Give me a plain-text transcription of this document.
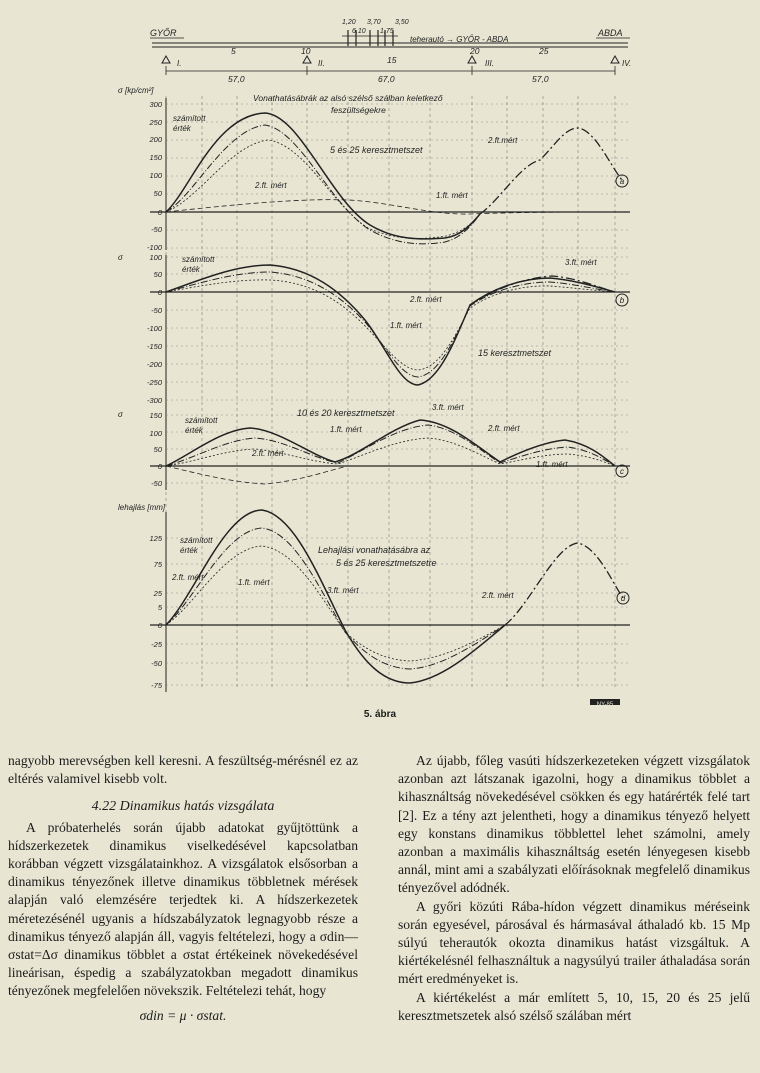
GYŐR	ABDA
teherautó → GYŐR - ABDA
1,20
6,10
3,70
1,75
3,50
5	10
15
20	25
I.	II.	III.	IV.
57,0	67,0	57,0
σ [kp/cm²]
300
250
200
150
100
50
0
-50
-100
Vonathatásábrák az alsó szélső szálban keletkező
feszültségekre
5 és 25 keresztmetszet
számított
érték
2.ft.mért
2.ft. mért
1.ft. mért
a
σ	100
50
0
-50
-100
-150
-200
-250
-300
15 keresztmetszet
számított
érték
3.ft. mért
2.ft. mért
1.ft. mért
b
σ	150
100
50
0
-50
10 és 20 keresztmetszet
számított
érték
3.ft. mért
1.ft. mért	2.ft. mért
2.ft. mért
1.ft. mért
c
lehajlás [mm]
125
75
25
5
0
-25
-50
-75
Lehajlási vonathatásábra az
5 és 25 keresztmetszetre
számított
érték
2.ft. mért
1.ft. mért
3.ft. mért
2.ft. mért	d
NY-85
5. ábra

nagyobb merevségben kell keresni. A feszültség-mérésnél ez az eltérés valamivel kisebb volt.

4.22 Dinamikus hatás vizsgálata

A próbaterhelés során újabb adatokat gyűjtöttünk a hídszerkezetek dinamikus viselkedésével kapcsolatban korábban végzett vizsgálatainkhoz. A vizsgálatok elsősorban a dinamikus tényezőnek illetve dinamikus többletnek mérések alapján való elemzésére terjedtek ki. A hídszerkezetek méretezésénél ugyanis a hídszabályzatok legnagyobb része a dinamikus tényező alapján áll, vagyis feltételezi, hogy a σdin—σstat=Δσ dinamikus többlet a σstat értékeinek növekedésével lineárisan, éspedig a szabályzatokban megadott dinamikus tényezőnek megfelelően növekszik. Feltételezi tehát, hogy

σdin = μ · σstat.

Az újabb, főleg vasúti hídszerkezeteken végzett vizsgálatok azonban azt látszanak igazolni, hogy a dinamikus többlet a kihasználtság növekedésével csökken és egy határérték felé tart [2]. Ez a tény azt jelentheti, hogy a dinamikus tényező helyett egy konstans dinamikus többlettel lehet számolni, amely azonban a maximális kihasználtság esetén lényegesen kisebb annál, mint ami a szabályzati előírásoknak megfelelő dinamikus tényezővel adódnék.

A győri közúti Rába-hídon végzett dinamikus méréseink során egyesével, párosával és hármasával áthaladó kb. 15 Mp súlyú teherautók okozta dinamikus hatást vizsgáltuk. A kiértékelésnél felhasználtuk a nagysúlyú trailer áthaladása során mért eredményeket is.

A kiértékelést a már említett 5, 10, 15, 20 és 25 jelű keresztmetszetek alsó szélső szálában mért
